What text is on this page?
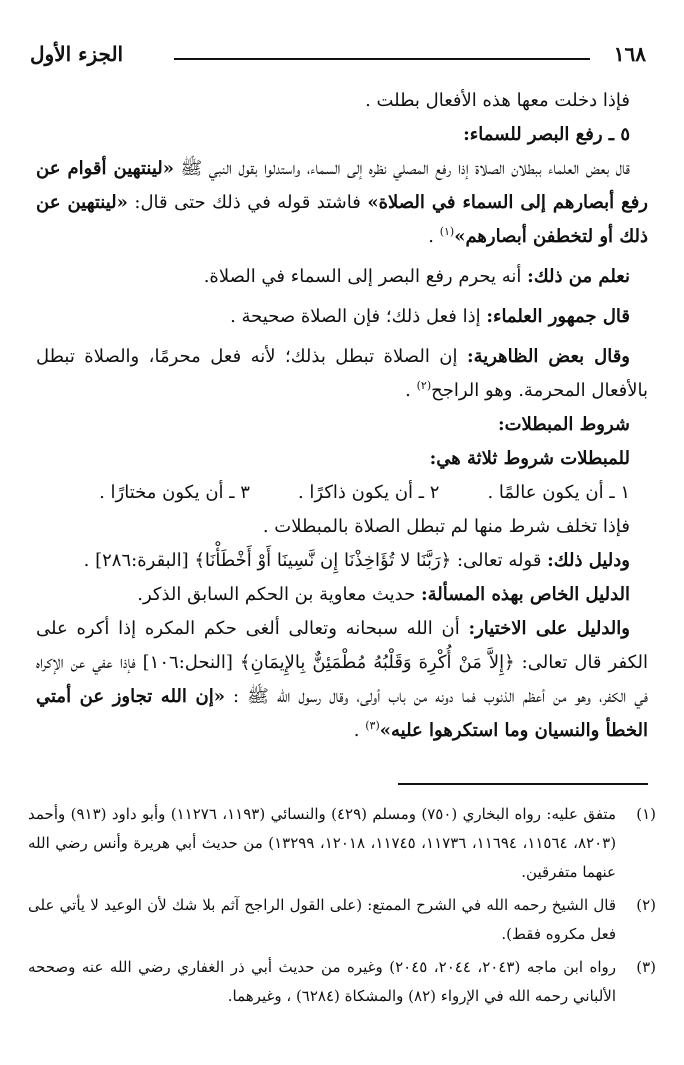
١٦٨
الجزء الأول

فإذا دخلت معها هذه الأفعال بطلت .

٥ ـ رفع البصر للسماء:

قال بعض العلماء ببطلان الصلاة إذا رفع المصلي نظره إلى السماء، واستدلوا بقول النبي ﷺ «لينتهين أقوام عن رفع أبصارهم إلى السماء في الصلاة» فاشتد قوله في ذلك حتى قال: «لينتهين عن ذلك أو لتخطفن أبصارهم»$^{(١)}$ .

نعلم من ذلك: أنه يحرم رفع البصر إلى السماء في الصلاة.

قال جمهور العلماء: إذا فعل ذلك؛ فإن الصلاة صحيحة .

وقال بعض الظاهرية: إن الصلاة تبطل بذلك؛ لأنه فعل محرمًا، والصلاة تبطل بالأفعال المحرمة. وهو الراجح$^{(٢)}$ .

شروط المبطلات:

للمبطلات شروط ثلاثة هي:

١ ـ أن يكون عالمًا .
٢ ـ أن يكون ذاكرًا .
٣ ـ أن يكون مختارًا .

فإذا تخلف شرط منها لم تبطل الصلاة بالمبطلات .

ودليل ذلك: قوله تعالى: ﴿رَبَّنَا لا تُؤَاخِذْنَا إِن نَّسِينَا أَوْ أَخْطَأْنَا﴾ [البقرة:٢٨٦] .

الدليل الخاص بهذه المسألة: حديث معاوية بن الحكم السابق الذكر.

والدليل على الاختيار: أن الله سبحانه وتعالى ألغى حكم المكره إذا أكره على الكفر قال تعالى: ﴿إِلاَّ مَنْ أُكْرِهَ وَقَلْبُهُ مُطْمَئِنٌّ بِالإِيمَانِ﴾ [النحل:١٠٦] فإذا عفي عن الإكراه في الكفر، وهو من أعظم الذنوب فما دونه من باب أولى، وقال رسول الله ﷺ : «إن الله تجاوز عن أمتي الخطأ والنسيان وما استكرهوا عليه»$^{(٣)}$ .

(١)
متفق عليه: رواه البخاري (٧٥٠) ومسلم (٤٢٩) والنسائي (١١٩٣، ١١٢٧٦) وأبو داود (٩١٣) وأحمد (٨٢٠٣، ١١٥٦٤، ١١٦٩٤، ١١٧٣٦، ١١٧٤٥، ١٢٠١٨، ١٣٢٩٩) من حديث أبي هريرة وأنس رضي الله عنهما متفرقين.
(٢)
قال الشيخ رحمه الله في الشرح الممتع: (على القول الراجح آثم بلا شك لأن الوعيد لا يأتي على فعل مكروه فقط).
(٣)
رواه ابن ماجه (٢٠٤٣، ٢٠٤٤، ٢٠٤٥) وغيره من حديث أبي ذر الغفاري رضي الله عنه وصححه الألباني رحمه الله في الإرواء (٨٢) والمشكاة (٦٢٨٤) ، وغيرهما.
